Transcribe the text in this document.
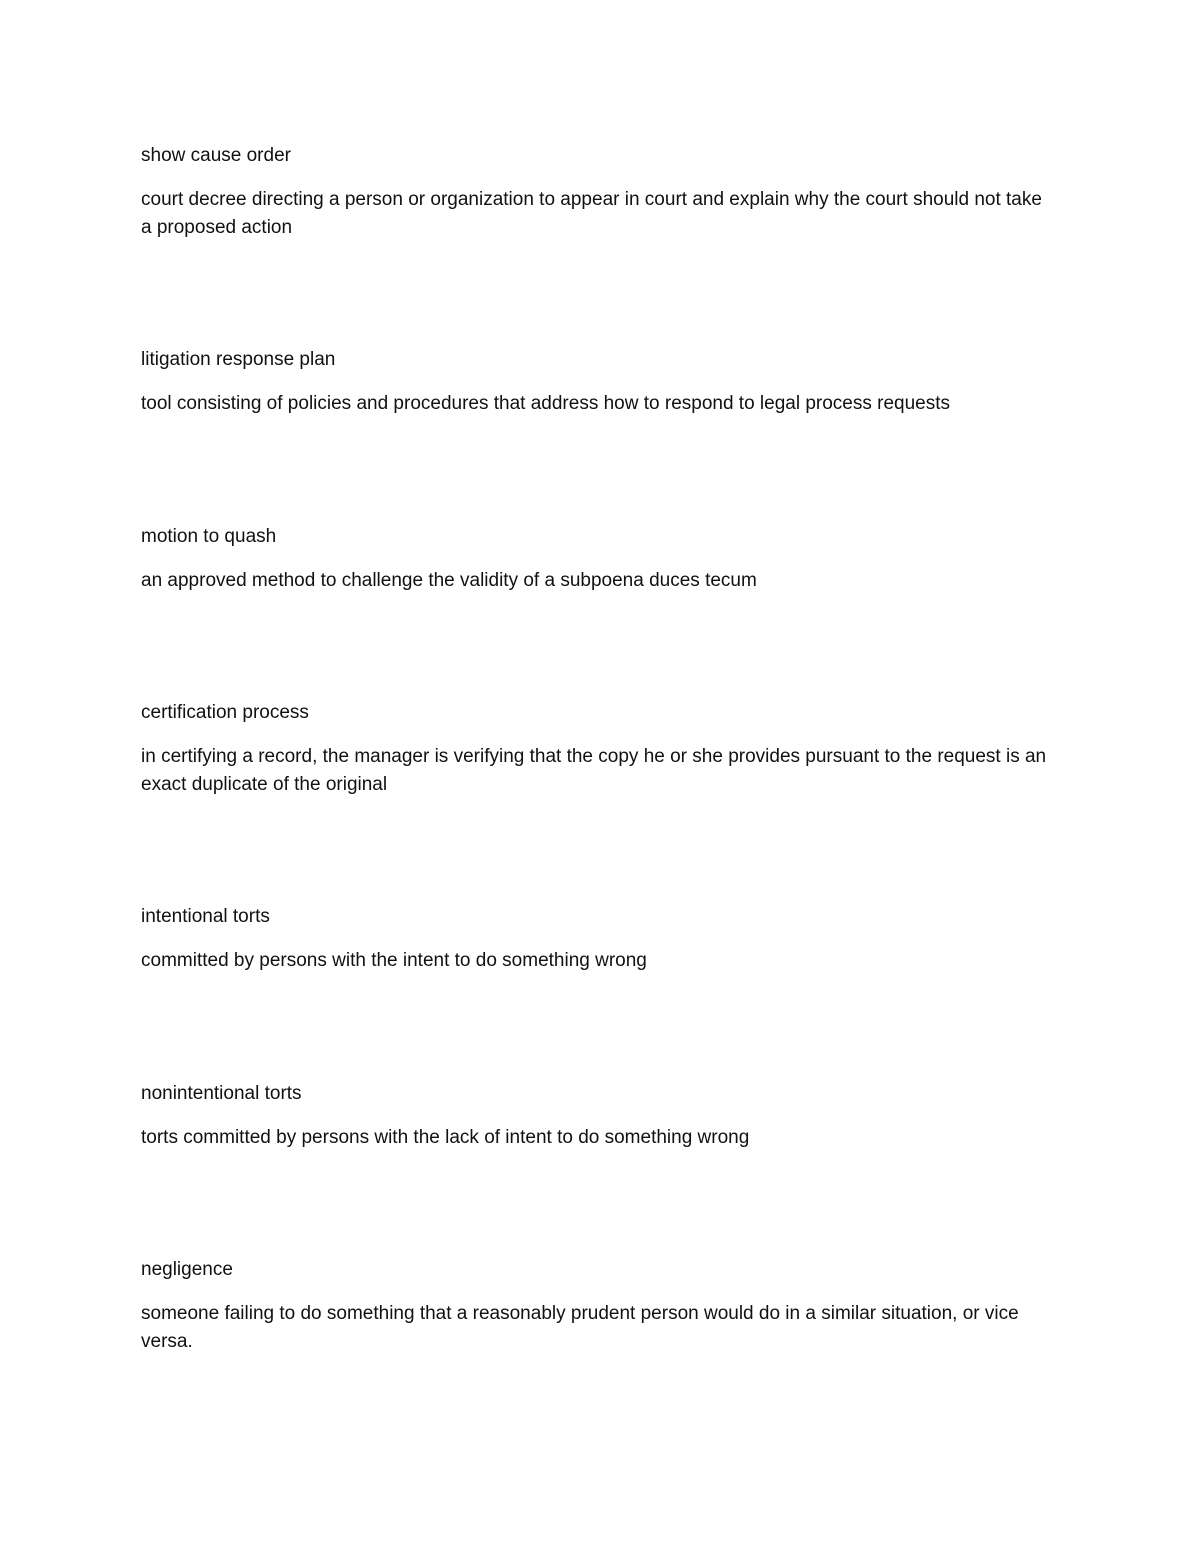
show cause order

court decree directing a person or organization to appear in court and explain why the court should not take a proposed action

litigation response plan

tool consisting of policies and procedures that address how to respond to legal process requests

motion to quash

an approved method to challenge the validity of a subpoena duces tecum

certification process

in certifying a record, the manager is verifying that the copy he or she provides pursuant to the request is an exact duplicate of the original

intentional torts

committed by persons with the intent to do something wrong

nonintentional torts

torts committed by persons with the lack of intent to do something wrong

negligence

someone failing to do something that a reasonably prudent person would do in a similar situation, or vice versa.
